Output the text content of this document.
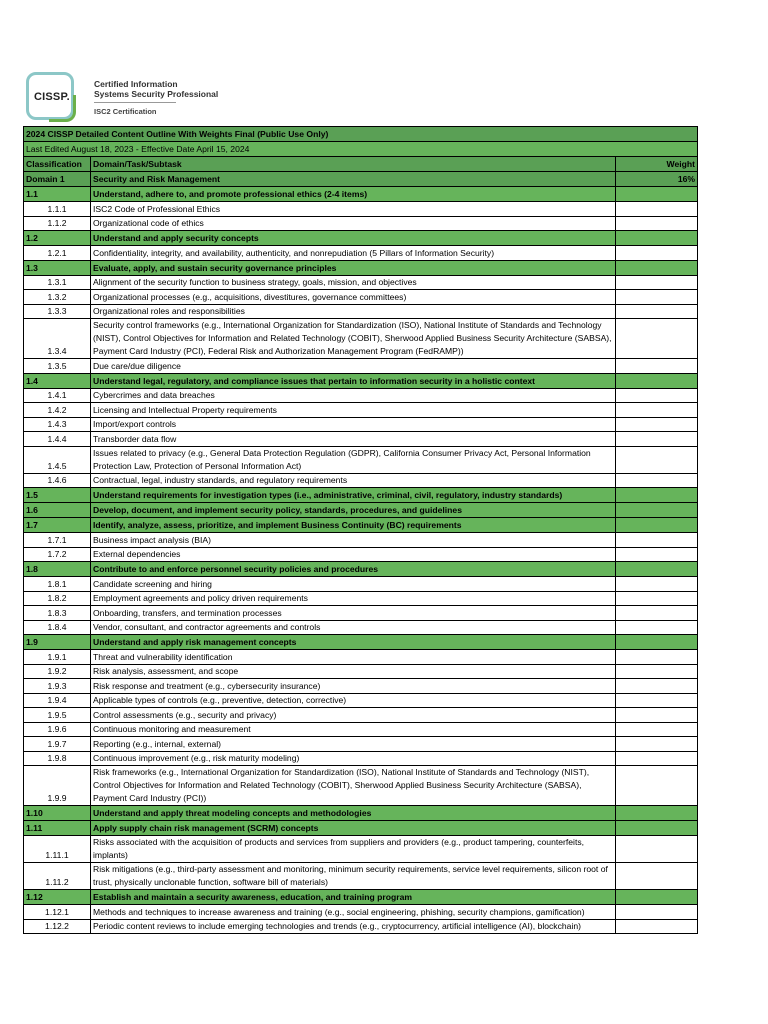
CISSP.
Certified Information
Systems Security Professional
ISC2 Certification
2024 CISSP Detailed Content Outline With Weights Final (Public Use Only)		
Last Edited August 18, 2023 - Effective Date April 15, 2024		
Classification	Domain/Task/Subtask	Weight
Domain 1	Security and Risk Management	16%
1.1	Understand, adhere to, and promote professional ethics (2-4 items)	
1.1.1	ISC2 Code of Professional Ethics	
1.1.2	Organizational code of ethics	
1.2	Understand and apply security concepts	
1.2.1	Confidentiality, integrity, and availability, authenticity, and nonrepudiation (5 Pillars of Information Security)	
1.3	Evaluate, apply, and sustain security governance principles	
1.3.1	Alignment of the security function to business strategy, goals, mission, and objectives	
1.3.2	Organizational processes (e.g., acquisitions, divestitures, governance committees)	
1.3.3	Organizational roles and responsibilities	
1.3.4	Security control frameworks (e.g., International Organization for Standardization (ISO), National Institute of Standards and Technology (NIST), Control Objectives for Information and Related Technology (COBIT), Sherwood Applied Business Security Architecture (SABSA), Payment Card Industry (PCI), Federal Risk and Authorization Management Program (FedRAMP))	
1.3.5	Due care/due diligence	
1.4	Understand legal, regulatory, and compliance issues that pertain to information security in a holistic context	
1.4.1	Cybercrimes and data breaches	
1.4.2	Licensing and Intellectual Property requirements	
1.4.3	Import/export controls	
1.4.4	Transborder data flow	
1.4.5	Issues related to privacy (e.g., General Data Protection Regulation (GDPR), California Consumer Privacy Act, Personal Information Protection Law, Protection of Personal Information Act)	
1.4.6	Contractual, legal, industry standards, and regulatory requirements	
1.5	Understand requirements for investigation types (i.e., administrative, criminal, civil, regulatory, industry standards)	
1.6	Develop, document, and implement security policy, standards, procedures, and guidelines	
1.7	Identify, analyze, assess, prioritize, and implement Business Continuity (BC) requirements	
1.7.1	Business impact analysis (BIA)	
1.7.2	External dependencies	
1.8	Contribute to and enforce personnel security policies and procedures	
1.8.1	Candidate screening and hiring	
1.8.2	Employment agreements and policy driven requirements	
1.8.3	Onboarding, transfers, and termination processes	
1.8.4	Vendor, consultant, and contractor agreements and controls	
1.9	Understand and apply risk management concepts	
1.9.1	Threat and vulnerability identification	
1.9.2	Risk analysis, assessment, and scope	
1.9.3	Risk response and treatment (e.g., cybersecurity insurance)	
1.9.4	Applicable types of controls (e.g., preventive, detection, corrective)	
1.9.5	Control assessments (e.g., security and privacy)	
1.9.6	Continuous monitoring and measurement	
1.9.7	Reporting (e.g., internal, external)	
1.9.8	Continuous improvement (e.g., risk maturity modeling)	
1.9.9	Risk frameworks (e.g., International Organization for Standardization (ISO), National Institute of Standards and Technology (NIST), Control Objectives for Information and Related Technology (COBIT), Sherwood Applied Business Security Architecture (SABSA), Payment Card Industry (PCI))	
1.10	Understand and apply threat modeling concepts and methodologies	
1.11	Apply supply chain risk management (SCRM) concepts	
1.11.1	Risks associated with the acquisition of products and services from suppliers and providers (e.g., product tampering, counterfeits, implants)	
1.11.2	Risk mitigations (e.g., third-party assessment and monitoring, minimum security requirements, service level requirements, silicon root of trust, physically unclonable function, software bill of materials)	
1.12	Establish and maintain a security awareness, education, and training program	
1.12.1	Methods and techniques to increase awareness and training (e.g., social engineering, phishing, security champions, gamification)	
1.12.2	Periodic content reviews to include emerging technologies and trends (e.g., cryptocurrency, artificial intelligence (AI), blockchain)	
